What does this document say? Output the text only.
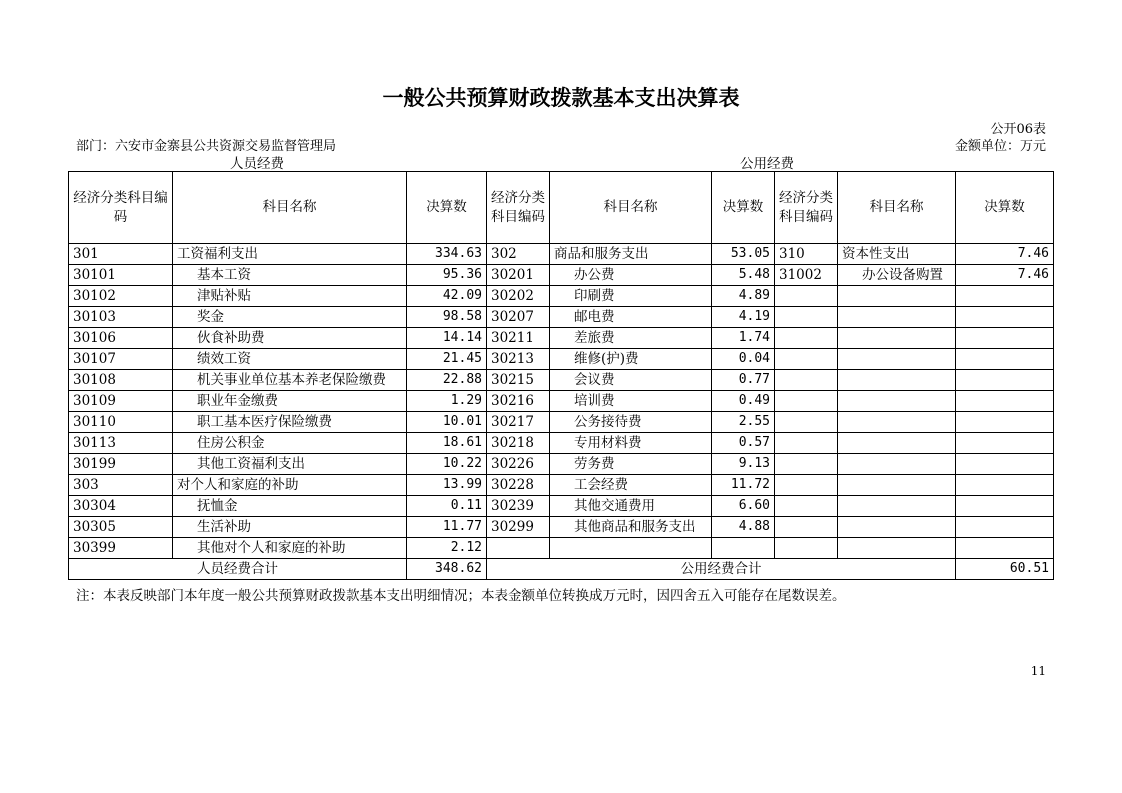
一般公共预算财政拨款基本支出决算表
公开06表
部门：六安市金寨县公共资源交易监督管理局	金额单位：万元
人员经费	公用经费
经济分类科目编码	科目名称	决算数	经济分类科目编码	科目名称	决算数	经济分类科目编码	科目名称	决算数
301	工资福利支出	334.63	302	商品和服务支出	53.05	310	资本性支出	7.46
30101	基本工资	95.36	30201	办公费	5.48	31002	办公设备购置	7.46
30102	津贴补贴	42.09	30202	印刷费	4.89			
30103	奖金	98.58	30207	邮电费	4.19			
30106	伙食补助费	14.14	30211	差旅费	1.74			
30107	绩效工资	21.45	30213	维修(护)费	0.04			
30108	机关事业单位基本养老保险缴费	22.88	30215	会议费	0.77			
30109	职业年金缴费	1.29	30216	培训费	0.49			
30110	职工基本医疗保险缴费	10.01	30217	公务接待费	2.55			
30113	住房公积金	18.61	30218	专用材料费	0.57			
30199	其他工资福利支出	10.22	30226	劳务费	9.13			
303	对个人和家庭的补助	13.99	30228	工会经费	11.72			
30304	抚恤金	0.11	30239	其他交通费用	6.60			
30305	生活补助	11.77	30299	其他商品和服务支出	4.88			
30399	其他对个人和家庭的补助	2.12						
人员经费合计		348.62	公用经费合计					60.51
注：本表反映部门本年度一般公共预算财政拨款基本支出明细情况；本表金额单位转换成万元时，因四舍五入可能存在尾数误差。
11
